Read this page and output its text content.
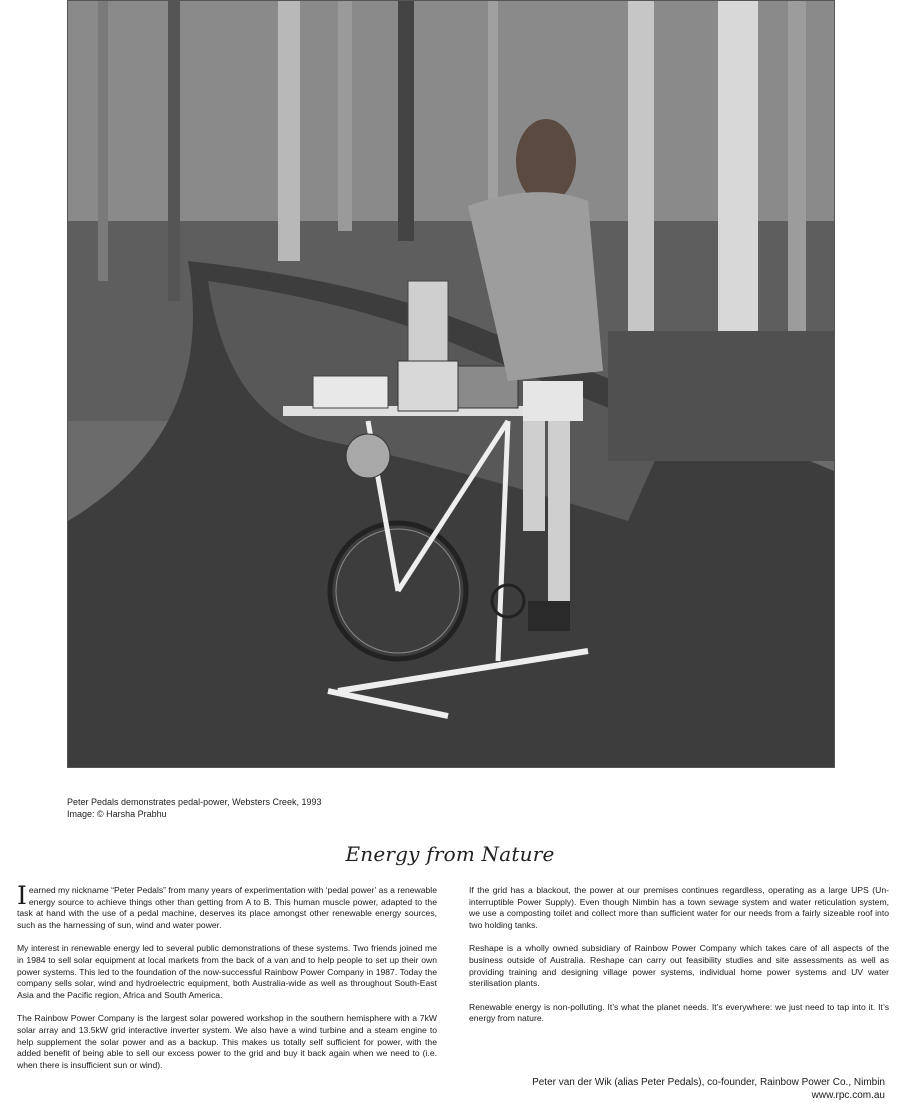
Peter Pedals demonstrates pedal-power, Websters Creek, 1993
Image: © Harsha Prabhu
Energy from Nature

Iearned my nickname “Peter Pedals” from many years of experimentation with ‘pedal power’ as a renewable energy source to achieve things other than getting from A to B. This human muscle power, adapted to the task at hand with the use of a pedal machine, deserves its place amongst other renewable energy sources, such as the harnessing of sun, wind and water power.

My interest in renewable energy led to several public demonstrations of these systems. Two friends joined me in 1984 to sell solar equipment at local markets from the back of a van and to help people to set up their own power systems. This led to the foundation of the now-successful Rainbow Power Company in 1987. Today the company sells solar, wind and hydroelectric equipment, both Australia-wide as well as throughout South-East Asia and the Pacific region, Africa and South America.

The Rainbow Power Company is the largest solar powered workshop in the southern hemisphere with a 7kW solar array and 13.5kW grid interactive inverter system. We also have a wind turbine and a steam engine to help supplement the solar power and as a backup. This makes us totally self sufficient for power, with the added benefit of being able to sell our excess power to the grid and buy it back again when we need to (i.e. when there is insufficient sun or wind).

If the grid has a blackout, the power at our premises continues regardless, operating as a large UPS (Un-interruptible Power Supply). Even though Nimbin has a town sewage system and water reticulation system, we use a composting toilet and collect more than sufficient water for our needs from a fairly sizeable roof into two holding tanks.

Reshape is a wholly owned subsidiary of Rainbow Power Company which takes care of all aspects of the business outside of Australia. Reshape can carry out feasibility studies and site assessments as well as providing training and designing village power systems, individual home power systems and UV water sterilisation plants.

Renewable energy is non-polluting. It’s what the planet needs. It’s everywhere: we just need to tap into it. It’s energy from nature.

Peter van der Wik (alias Peter Pedals), co-founder, Rainbow Power Co., Nimbin
www.rpc.com.au
